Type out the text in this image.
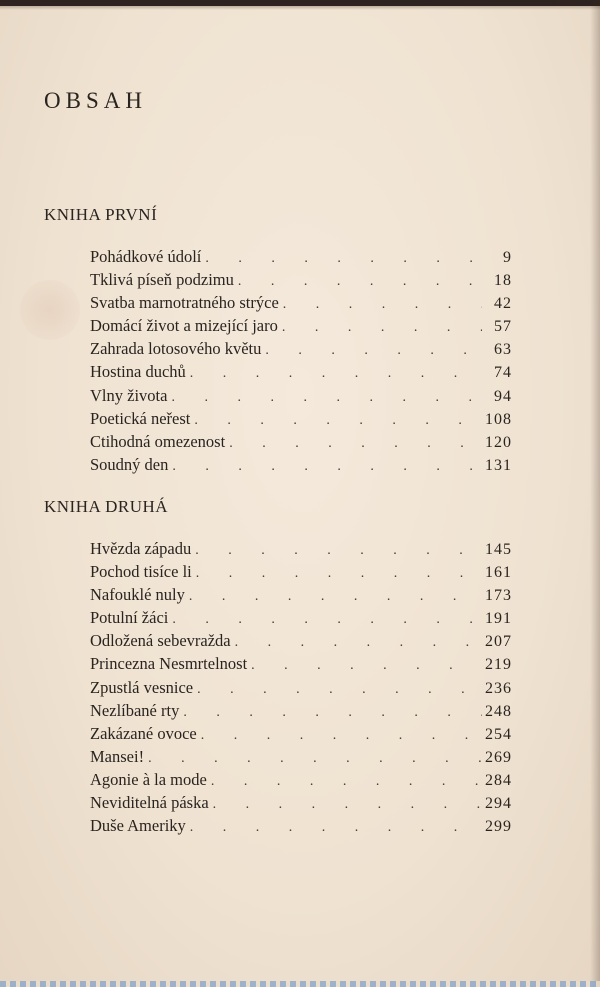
OBSAH
KNIHA PRVNÍ
Pohádkové údolí . . .	9
Tklivá píseň podzimu . . .	18
Svatba marnotratného strýce . . .	42
Domácí život a mizející jaro . . .	57
Zahrada lotosového květu . . .	63
Hostina duchů . . .	74
Vlny života . . .	94
Poetická neřest . . .	108
Ctihodná omezenost . . .	120
Soudný den . . .	131
KNIHA DRUHÁ
Hvězda západu . . .	145
Pochod tisíce li . . .	161
Nafouklé nuly . . .	173
Potulní žáci . . .	191
Odložená sebevražda . . .	207
Princezna Nesmrtelnost . . .	219
Zpustlá vesnice . . .	236
Nezlíbané rty . . .	248
Zakázané ovoce . . .	254
Mansei! . . .	269
Agonie à la mode . . .	284
Neviditelná páska . . .	294
Duše Ameriky . . .	299
